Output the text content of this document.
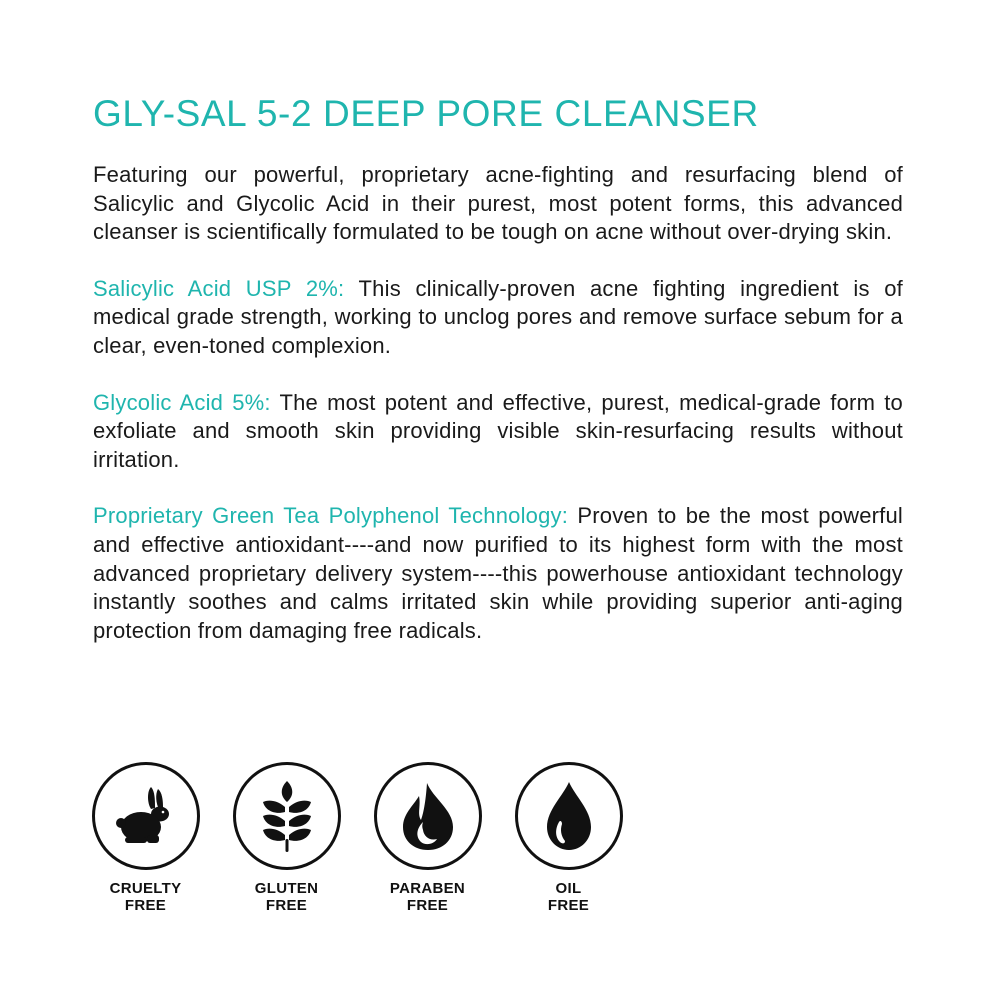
GLY-SAL 5-2 DEEP PORE CLEANSER

Featuring our powerful, proprietary acne-fighting and resurfacing blend of Salicylic and Glycolic Acid in their purest, most potent forms, this advanced cleanser is scientifically formulated to be tough on acne without over-drying skin.

Salicylic Acid USP 2%: This clinically-proven acne fighting ingredient is of medical grade strength, working to unclog pores and remove surface sebum for a clear, even-toned complexion.

Glycolic Acid 5%: The most potent and effective, purest, medical-grade form to exfoliate and smooth skin providing visible skin-resurfacing results without irritation.

Proprietary Green Tea Polyphenol Technology: Proven to be the most powerful and effective antioxidant----and now purified to its highest form with the most advanced proprietary delivery system----this powerhouse antioxidant technology instantly soothes and calms irritated skin while providing superior anti-aging protection from damaging free radicals.

CRUELTY
FREE
GLUTEN
FREE
PARABEN
FREE
OIL
FREE
